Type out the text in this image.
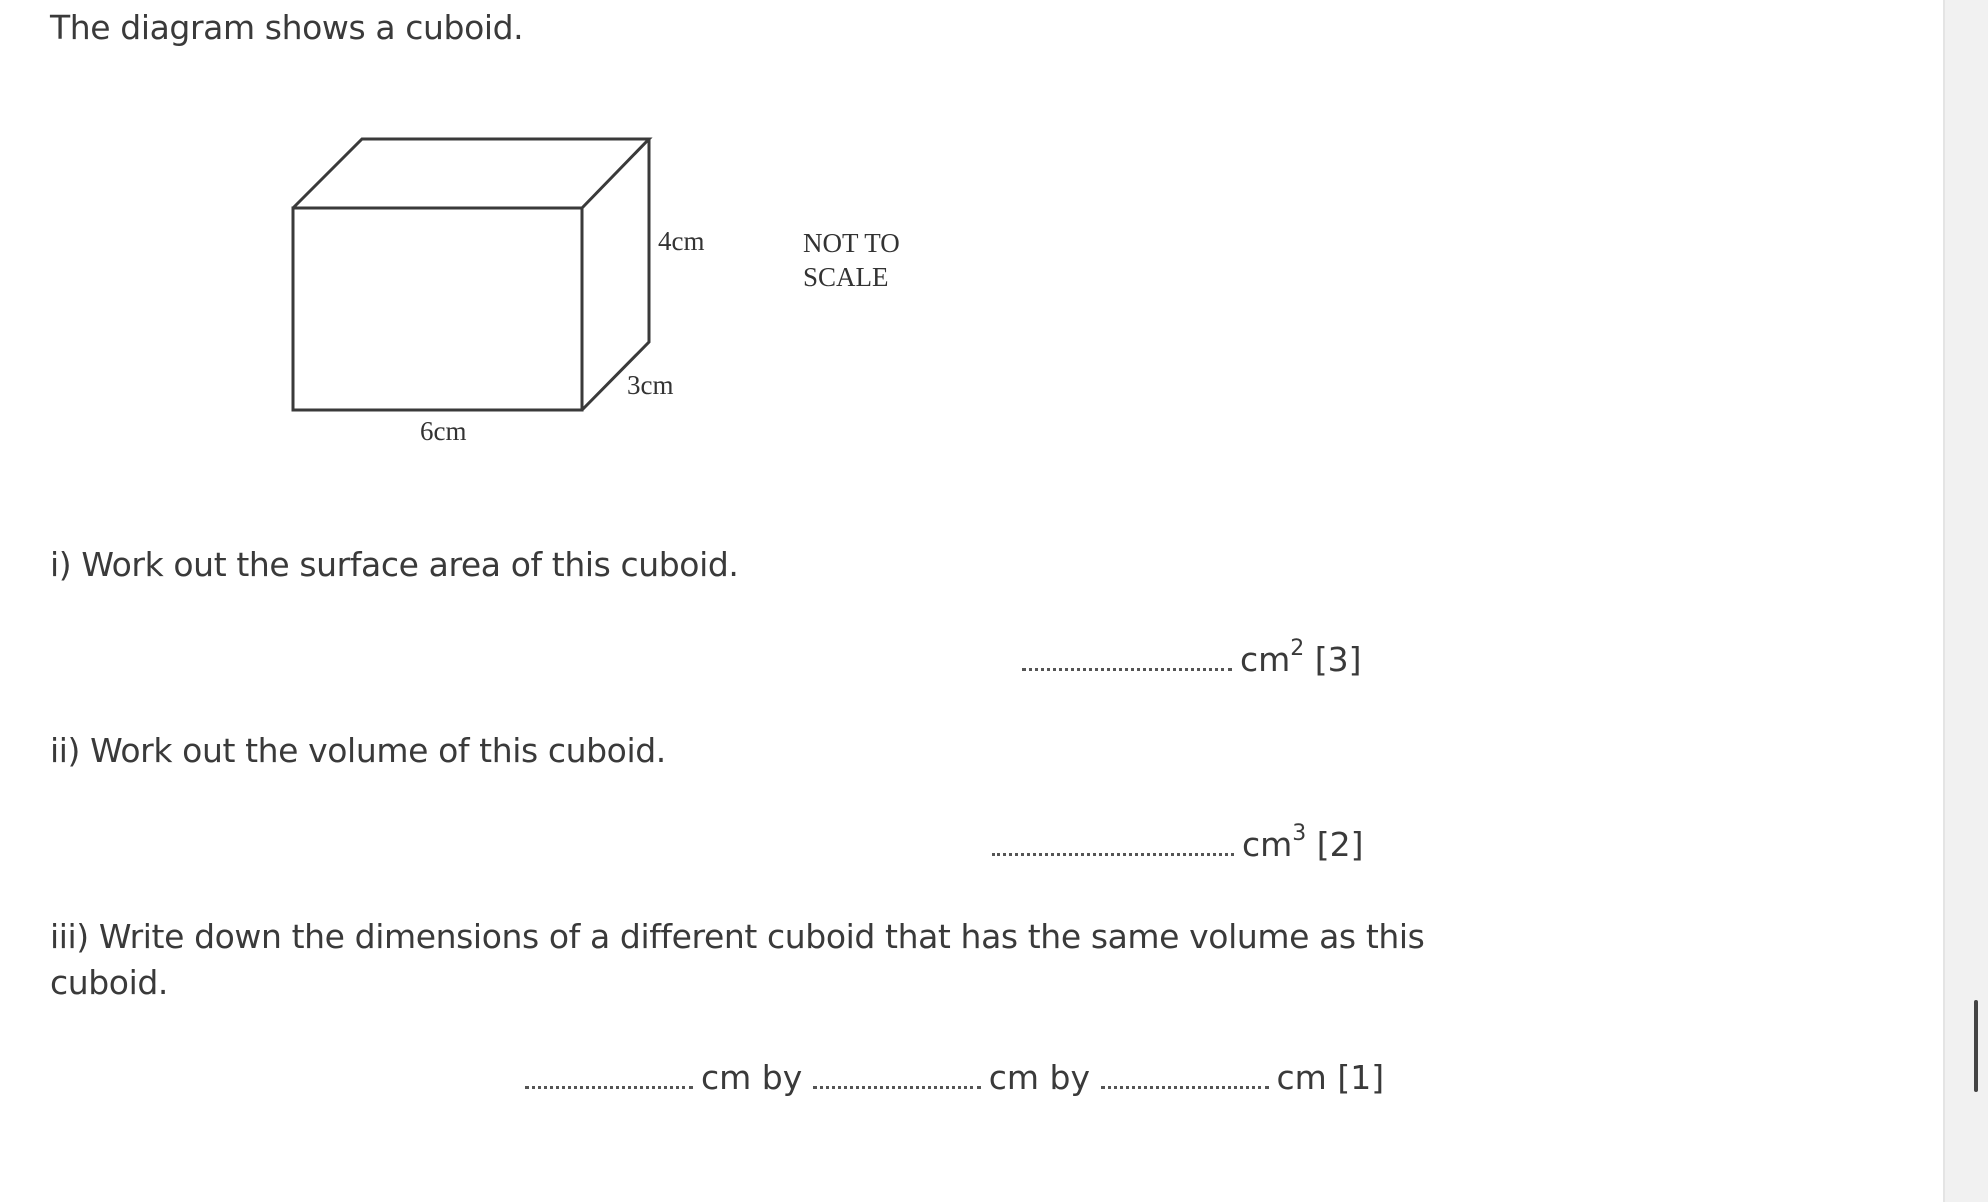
The diagram shows a cuboid.
4cm
3cm
6cm
NOT TO
SCALE
i) Work out the surface area of this cuboid.
$cm^2$ [3]
ii) Work out the volume of this cuboid.
$cm^3$ [2]
iii) Write down the dimensions of a different cuboid that has the same volume as this
cuboid.
cm by	cm by	cm [1]
